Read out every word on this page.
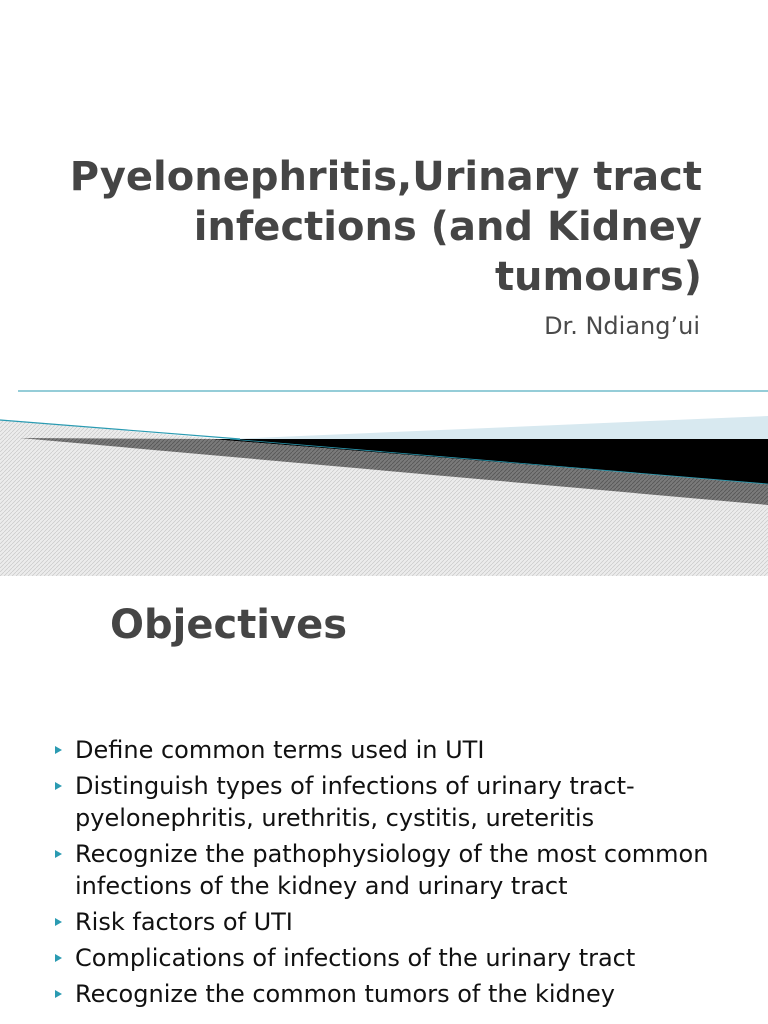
Pyelonephritis,Urinary tract infections (and Kidney tumours)

Dr. Ndiang’ui

Objectives
Define common terms used in UTI
Distinguish types of infections of urinary tract- pyelonephritis, urethritis, cystitis, ureteritis
Recognize the pathophysiology of the most common infections of the kidney and urinary tract
Risk factors of UTI
Complications of infections of the urinary tract
Recognize the common tumors of the kidney
